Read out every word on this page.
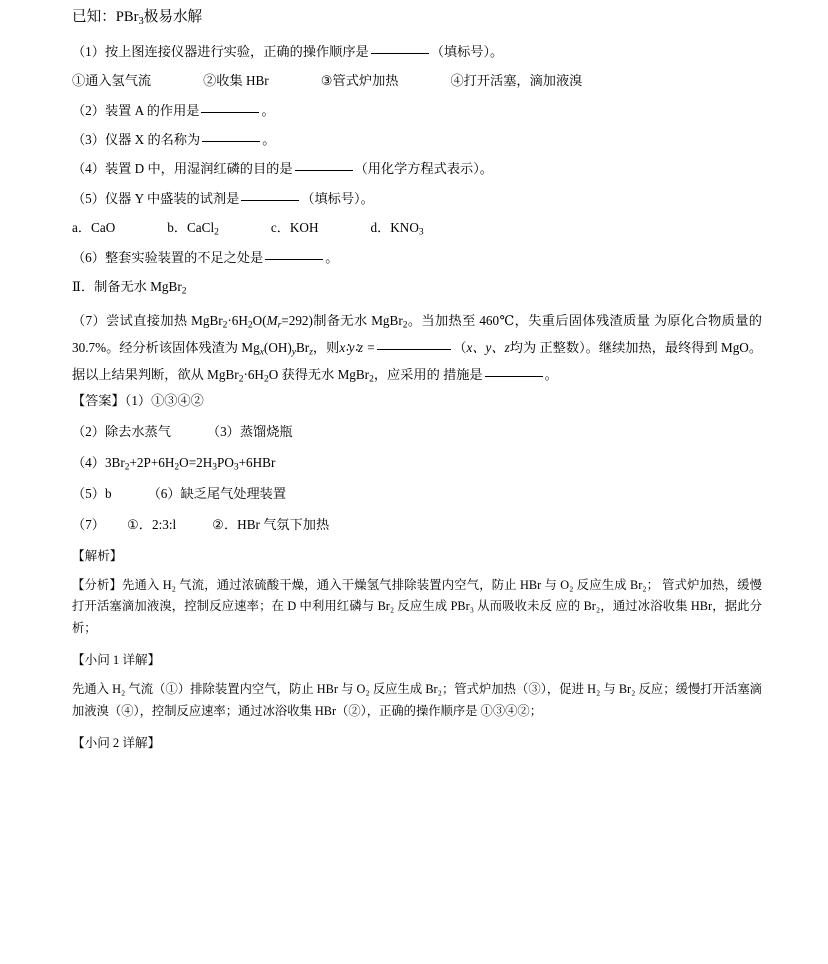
已知：PBr$_3$极易水解

（1）按上图连接仪器进行实验，正确的操作顺序是	（填标号）。

①通入氢气流	②收集 HBr	③管式炉加热	④打开活塞，滴加液溴

（2）装置 A 的作用是	。

（3）仪器 X 的名称为	。

（4）装置 D 中，用湿润红磷的目的是	（用化学方程式表示）。

（5）仪器 Y 中盛装的试剂是	（填标号）。

a．CaO	b．CaCl$_2$	c．KOH	d．$KNO_3$

（6）整套实验装置的不足之处是	。

Ⅱ．制备无水 MgBr$_2$

（7）尝试直接加热 $MgBr_2\cdot 6H_2O(M_r=292)$制备无水 MgBr$_2$。当加热至 460℃，失重后固体残渣质量 为原化合物质量的 30.7%。经分析该固体残渣为 $Mg_x(OH)_yBr_z$，则x∶y∶z =	（x、y、z均为 正整数）。继续加热，最终得到 MgO。据以上结果判断，欲从 $MgBr_2\cdot 6H_2O$ 获得无水 MgBr$_2$，应采用的 措施是	。

【答案】（1）①③④②

（2）除去水蒸气	（3）蒸馏烧瓶

$(4)3Br_2+2P+6H_2O=2H_3PO_3+6HBr$

（5）b	（6）缺乏尾气处理装置

（7） ①．2:3:l	②．HBr 气氛下加热

【解析】

【分析】先通入 H₂ 气流，通过浓硫酸干燥，通入干燥氢气排除装置内空气，防止 HBr 与 O₂ 反应生成 Br₂； 管式炉加热，缓慢打开活塞滴加液溴，控制反应速率；在 D 中利用红磷与 Br₂ 反应生成 PBr₃ 从而吸收未反 应的 Br₂，通过冰浴收集 HBr，据此分析；

【小问 1 详解】

先通入 H₂ 气流（①）排除装置内空气，防止 HBr 与 O₂ 反应生成 Br₂；管式炉加热（③），促进 H₂ 与 Br₂ 反应；缓慢打开活塞滴加液溴（④），控制反应速率；通过冰浴收集 HBr（②），正确的操作顺序是 ①③④②；

【小问 2 详解】
